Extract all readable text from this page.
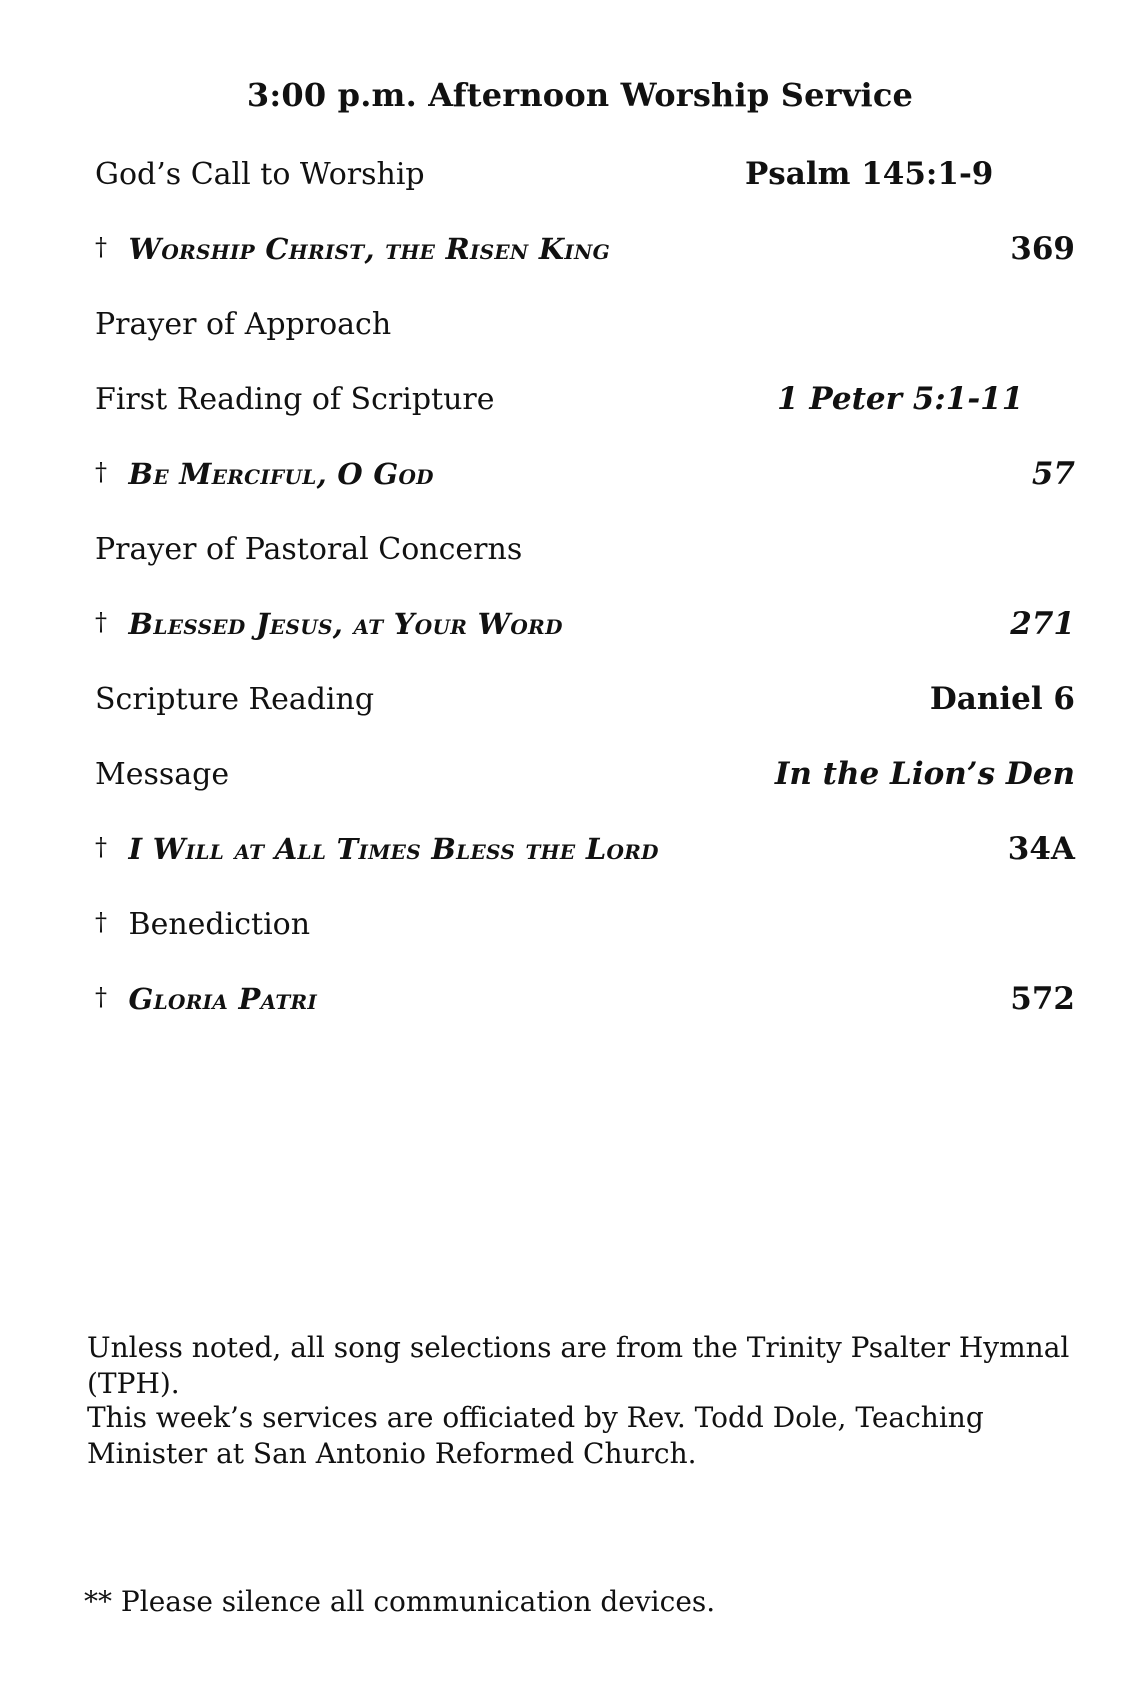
3:00 p.m. Afternoon Worship Service
God’s Call to Worship	Psalm 145:1-9
† Worship Christ, the Risen King	369
Prayer of Approach
First Reading of Scripture	1 Peter 5:1-11
† Be Merciful, O God	57
Prayer of Pastoral Concerns
† Blessed Jesus, at Your Word	271
Scripture Reading	Daniel 6
Message	In the Lion’s Den
† I Will at All Times Bless the Lord	34A
† Benediction
† Gloria Patri	572

Unless noted, all song selections are from the Trinity Psalter Hymnal (TPH).

This week’s services are officiated by Rev. Todd Dole, Teaching Minister at San Antonio Reformed Church.

** Please silence all communication devices.
